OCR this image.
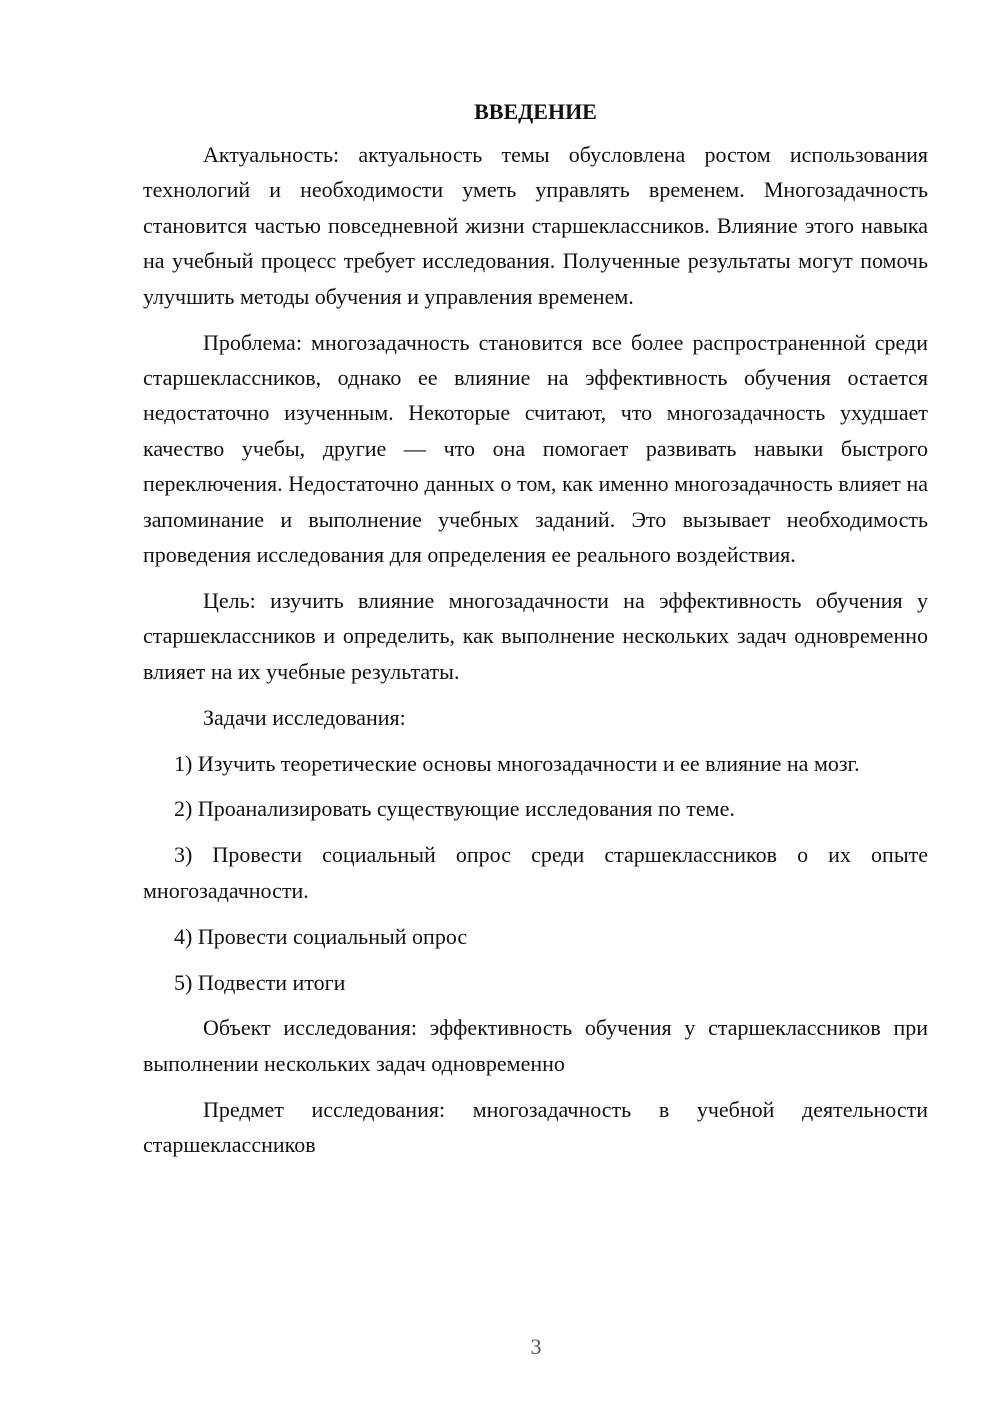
ВВЕДЕНИЕ

Актуальность: актуальность темы обусловлена ростом использования технологий и необходимости уметь управлять временем. Многозадачность становится частью повседневной жизни старшеклассников. Влияние этого навыка на учебный процесс требует исследования. Полученные результаты могут помочь улучшить методы обучения и управления временем.

Проблема: многозадачность становится все более распространенной среди старшеклассников, однако ее влияние на эффективность обучения остается недостаточно изученным. Некоторые считают, что многозадачность ухудшает качество учебы, другие — что она помогает развивать навыки быстрого переключения. Недостаточно данных о том, как именно многозадачность влияет на запоминание и выполнение учебных заданий. Это вызывает необходимость проведения исследования для определения ее реального воздействия.

Цель: изучить влияние многозадачности на эффективность обучения у старшеклассников и определить, как выполнение нескольких задач одновременно влияет на их учебные результаты.

Задачи исследования:

1) Изучить теоретические основы многозадачности и ее влияние на мозг.

2) Проанализировать существующие исследования по теме.

3) Провести социальный опрос среди старшеклассников о их опыте многозадачности.

4) Провести социальный опрос

5) Подвести итоги

Объект исследования: эффективность обучения у старшеклассников при выполнении нескольких задач одновременно

Предмет исследования: многозадачность в учебной деятельности старшеклассников

3
